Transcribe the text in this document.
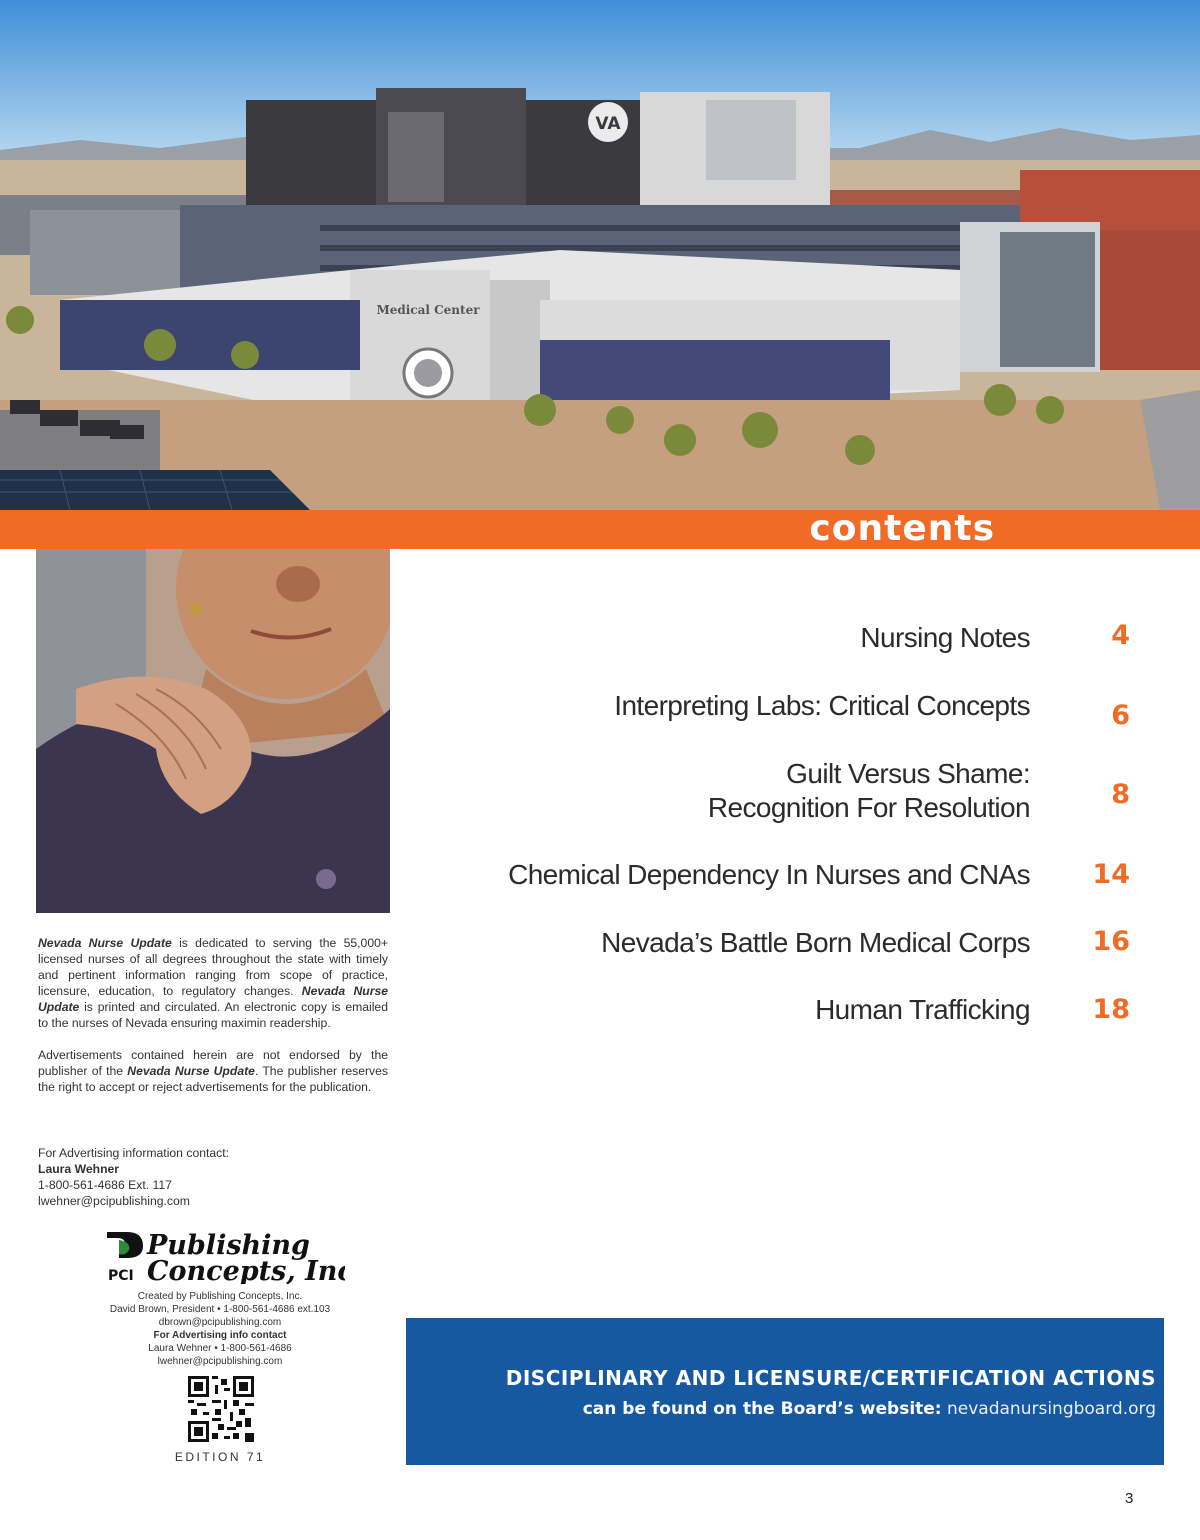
VA
Medical Center
contents
Nursing Notes	4
Interpreting Labs: Critical Concepts	6
Guilt Versus Shame:
Recognition For Resolution	8
Chemical Dependency In Nurses and CNAs	14
Nevada’s Battle Born Medical Corps	16
Human Trafficking	18

Nevada Nurse Update is dedicated to serving the 55,000+ licensed nurses of all degrees throughout the state with timely and pertinent information ranging from scope of practice, licensure, education, to regulatory changes. Nevada Nurse Update is printed and circulated. An electronic copy is emailed to the nurses of Nevada ensuring maximin readership.

Advertisements contained herein are not endorsed by the publisher of the Nevada Nurse Update. The publisher reserves the right to accept or reject advertisements for the publication.

For Advertising information contact:
Laura Wehner
1-800-561-4686 Ext. 117
lwehner@pcipublishing.com
PCI
Publishing
Concepts, Inc.
Created by Publishing Concepts, Inc.
David Brown, President • 1-800-561-4686 ext.103
dbrown@pcipublishing.com
For Advertising info contact
Laura Wehner • 1-800-561-4686
lwehner@pcipublishing.com
EDITION 71
DISCIPLINARY AND LICENSURE/CERTIFICATION ACTIONS
can be found on the Board’s website: nevadanursingboard.org
3
